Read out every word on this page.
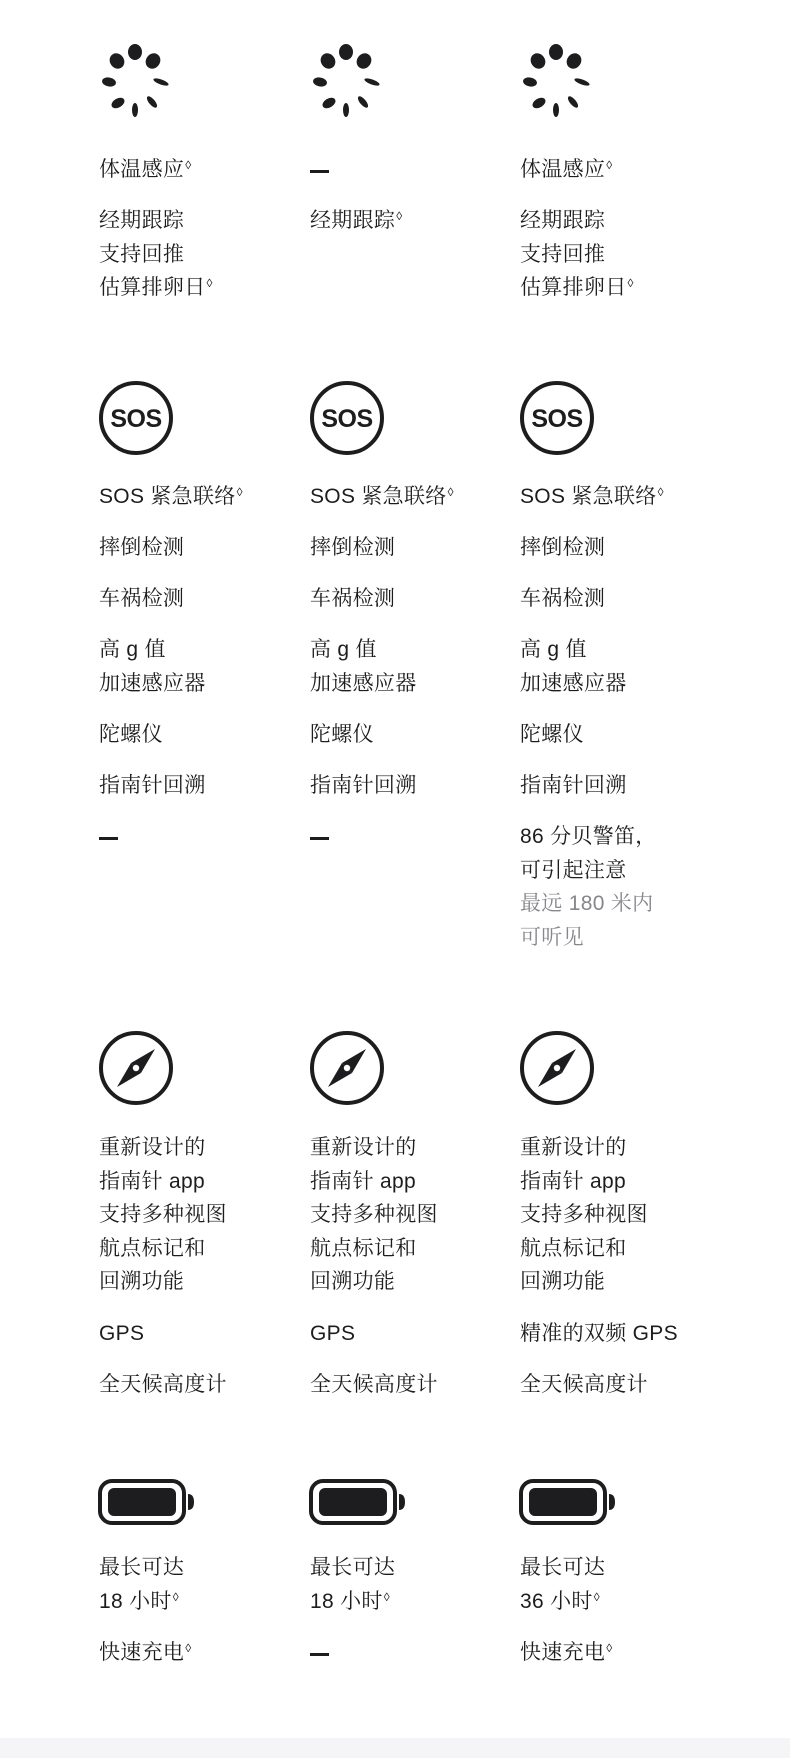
体温感应◊
经期跟踪
支持回推
估算排卵日◊
SOS
SOS 紧急联络◊
摔倒检测
车祸检测
高 g 值
加速感应器
陀螺仪
指南针回溯
重新设计的
指南针 app
支持多种视图
航点标记和
回溯功能
GPS
全天候高度计
最长可达
18 小时◊
快速充电◊
经期跟踪◊
SOS
SOS 紧急联络◊
摔倒检测
车祸检测
高 g 值
加速感应器
陀螺仪
指南针回溯
重新设计的
指南针 app
支持多种视图
航点标记和
回溯功能
GPS
全天候高度计
最长可达
18 小时◊
体温感应◊
经期跟踪
支持回推
估算排卵日◊
SOS
SOS 紧急联络◊
摔倒检测
车祸检测
高 g 值
加速感应器
陀螺仪
指南针回溯
86 分贝警笛，
可引起注意
最远 180 米内
可听见
重新设计的
指南针 app
支持多种视图
航点标记和
回溯功能
精准的双频 GPS
全天候高度计
最长可达
36 小时◊
快速充电◊
